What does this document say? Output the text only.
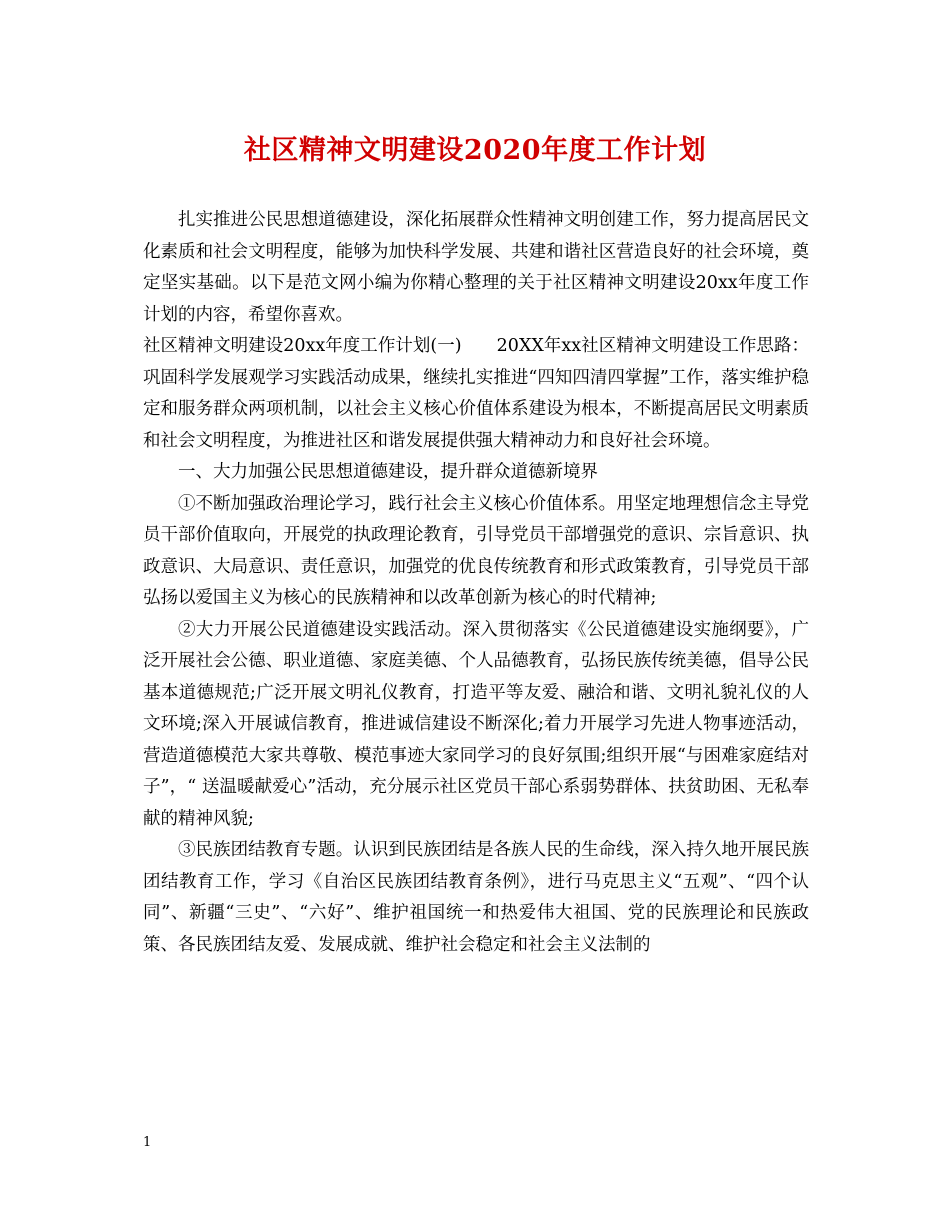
社区精神文明建设2020年度工作计划

扎实推进公民思想道德建设，深化拓展群众性精神文明创建工作，努力提高居民文化素质和社会文明程度，能够为加快科学发展、共建和谐社区营造良好的社会环境，奠定坚实基础。以下是范文网小编为你精心整理的关于社区精神文明建设20xx年度工作计划的内容，希望你喜欢。

社区精神文明建设20xx年度工作计划(一)　　20XX年xx社区精神文明建设工作思路：巩固科学发展观学习实践活动成果，继续扎实推进“四知四清四掌握”工作，落实维护稳定和服务群众两项机制，以社会主义核心价值体系建设为根本，不断提高居民文明素质和社会文明程度，为推进社区和谐发展提供强大精神动力和良好社会环境。

一、大力加强公民思想道德建设，提升群众道德新境界

①不断加强政治理论学习，践行社会主义核心价值体系。用坚定地理想信念主导党员干部价值取向，开展党的执政理论教育，引导党员干部增强党的意识、宗旨意识、执政意识、大局意识、责任意识，加强党的优良传统教育和形式政策教育，引导党员干部弘扬以爱国主义为核心的民族精神和以改革创新为核心的时代精神;

②大力开展公民道德建设实践活动。深入贯彻落实《公民道德建设实施纲要》，广泛开展社会公德、职业道德、家庭美德、个人品德教育，弘扬民族传统美德，倡导公民基本道德规范;广泛开展文明礼仪教育，打造平等友爱、融洽和谐、文明礼貌礼仪的人文环境;深入开展诚信教育，推进诚信建设不断深化;着力开展学习先进人物事迹活动，营造道德模范大家共尊敬、模范事迹大家同学习的良好氛围;组织开展“与困难家庭结对子”，“ 送温暖献爱心”活动，充分展示社区党员干部心系弱势群体、扶贫助困、无私奉献的精神风貌;

③民族团结教育专题。认识到民族团结是各族人民的生命线，深入持久地开展民族团结教育工作，学习《自治区民族团结教育条例》，进行马克思主义“五观”、“四个认同”、新疆“三史”、“六好”、维护祖国统一和热爱伟大祖国、党的民族理论和民族政策、各民族团结友爱、发展成就、维护社会稳定和社会主义法制的

1
